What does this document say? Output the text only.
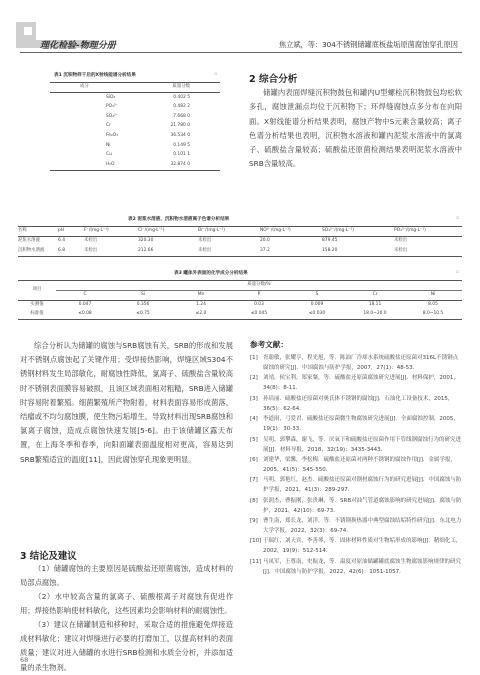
理化检验-物理分册	焦立斌，等：304不锈钢储罐底板盐垢原菌腐蚀穿孔原因
表1 沉积物样干后的X射线能谱分析结果	▫
成分	质量分数
SiO₂	0.402 5
PO₄³⁻	0.482 2
SO₄²⁻	7.668 0
Cr	21.780 0
Fe₂O₃	36.534 0
Ni	0.149 5
Cu	0.101 1
H₂O	32.874 0
2 综合分析

储罐内表面焊缝沉积物鼓包和罐内U型螺栓沉积物鼓包均松软多孔，腐蚀泄漏点均位于沉积物下；环焊缝腐蚀点多分布在向阳面。X射线能谱分析结果表明，腐蚀产物中S元素含量较高；离子色谱分析结果也表明，沉积物水溶液和罐内泥浆水溶液中的氯离子、硫酸盐含量较高；硫酸盐还原菌检测结果表明泥浆水溶液中SRB含量较高。

表2 泥浆水溶液、沉积物水溶液离子色谱分析结果	▫
名称	pH	F⁻/(mg·L⁻¹)	Cl⁻/(mg·L⁻¹)	Br⁻/(mg·L⁻¹)	NO³⁻/(mg·L⁻¹)	SO₄²⁻/(mg·L⁻¹)	PO₄³⁻/(mg·L⁻¹)
泥浆水溶液	6.4	未检出	320.30	未检出	20.0	879.45	未检出
沉积物水溶液	6.8	未检出	212.66	未检出	37.2	158.20	未检出
表3 罐体外表面的化学成分分析结果	▫
项目	质量分数/%						
	C	Si	Mn	P	S	Cr	Ni
实测值	0.047	0.356	1.24	0.03	0.009	18.11	8.05
标准值	≤0.08	≤0.75	≤2.0	≤0.045	≤0.030	18.0~20.0	8.0~10.5

综合分析认为储罐的腐蚀与SRB腐蚀有关，SRB的形成和发展对不锈钢点腐蚀起了关键作用；受焊接热影响，焊缝区域S304不锈钢材料发生局部敏化，耐腐蚀性降低，氯离子、硫酸盐含量较高时不锈钢表面膜容易破损，且该区域表面相对粗糙，SRB进入储罐时容易附着繁殖。细菌繁殖所产物附着，材料表面容易形成菌落，结瘤或不均匀腐蚀膜，使生物污垢增生，导致材料出现SRB腐蚀和氯离子腐蚀，造成点腐蚀快速发展[5-6]。由于该储罐区露天布置，在上海冬季和春季，向阳面罐表面温度相对更高，容易达到SRB繁殖适宜的温度[11]，因此腐蚀穿孔现象更明显。

3 结论及建议

（1）储罐腐蚀的主要原因是硫酸盐还原菌腐蚀，造成材料的局部点腐蚀。

（2）水中较高含量的氯离子、硫酸根离子对腐蚀有促进作用；焊接热影响使材料敏化，这些因素均会影响材料的耐腐蚀性。

（3）建议在储罐制造和移种时，采取合适的措施避免焊接造成材料敏化；建议对焊缝进行必要的打磨加工，以提高材料的表面质量；建议对进入储罐的水进行SRB检测和水质全分析，并添加适量的杀生物剂。

参考文献：

[1] 胥聪敏，张耀亨，程光旭，等．陈油厂冷却水系统硫酸盐还原菌对316L不锈钢点腐蚀的研究[J]．中国腐蚀与防护学报，2007，27(1)：48-53．

[2] 刘靖，侯宝利，郑家粲，等．硫酸盐还原菌腐蚀研究进展[J]．材料保护，2001，34(8)：8-11．

[3] 孙培丽．硫酸盐还原菌对奥氏体不锈钢的腐蚀[J]．石油化工设备技术，2015，36(5)：62-64．

[4] 李道雨，弓爱君．硫酸盐还原菌微生物腐蚀研究进展[J]．全面腐蚀控制，2005，19(1)：30-33．

[5] 吴明，郭攀森，谢飞，等．厌氧下和硫酸盐还原菌作用下管线钢腐蚀行为的研究进展[J]．材料导报，2018，32(19)：3435-3443．

[6] 刘建华，梁馨，李松梅．硫酸盐还原菌对两种不锈钢的腐蚀作用[J]．金属学报，2005，41(5)：545-550．

[7] 马明，郭艳红，赵杰．硫酸盐还原菌对钢材腐蚀行为的研究进展[J]．中国腐蚀与防护学报，2021，41(3)：289-297．

[8] 张润杰，曹振刚，张贵琳，等．SRB对油气管道腐蚀影响的研究进展[J]．腐蚀与防护，2021，42(10)：69-73．

[9] 曹生南，郑长龙，刘洋，等．不锈钢换热器中典型腐蚀结垢特性研究[J]．东北电力大学学报，2022，32(3)：69-74．

[10] 于瑞红，刘天宾，李善琴，等．固体材料性质对生物垢形成的影响[J]．精细化工，2002，19(9)：512-514．

[11] 马凤军，王尊南，史振龙，等．温度对原油储罐罐底腐蚀生物腐蚀影响规律的研究[J]．中国腐蚀与防护学报，2022，42(6)：1051-1057．

68
